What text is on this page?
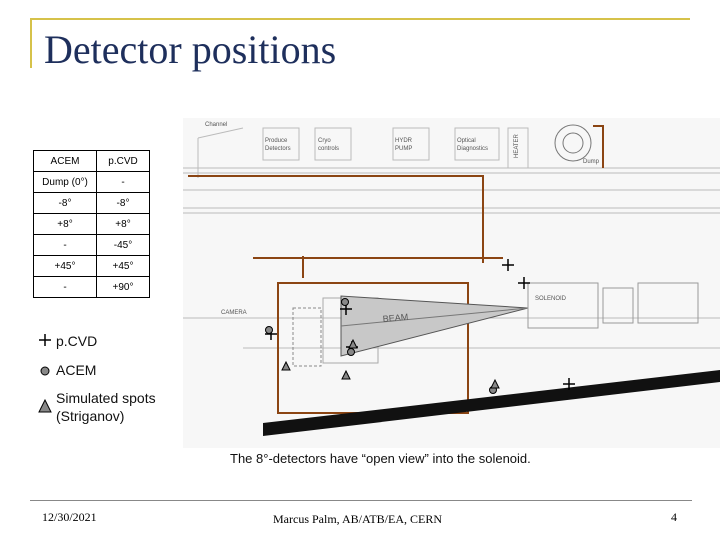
Detector positions
Channel
Produce
Detectors
Cryo
controls
HYDR
PUMP
Optical
Diagnostics	HEATER
Dump
SOLENOID
CAMERA	BEAM
ACEM	p.CVD
Dump (0°)	-
-8°	-8°
+8°	+8°
-	-45°
+45°	+45°
-	+90°
p.CVD
ACEM
Simulated spots
(Striganov)
The 8°-detectors have “open view” into the solenoid.
12/30/2021	Marcus Palm, AB/ATB/EA, CERN	4
